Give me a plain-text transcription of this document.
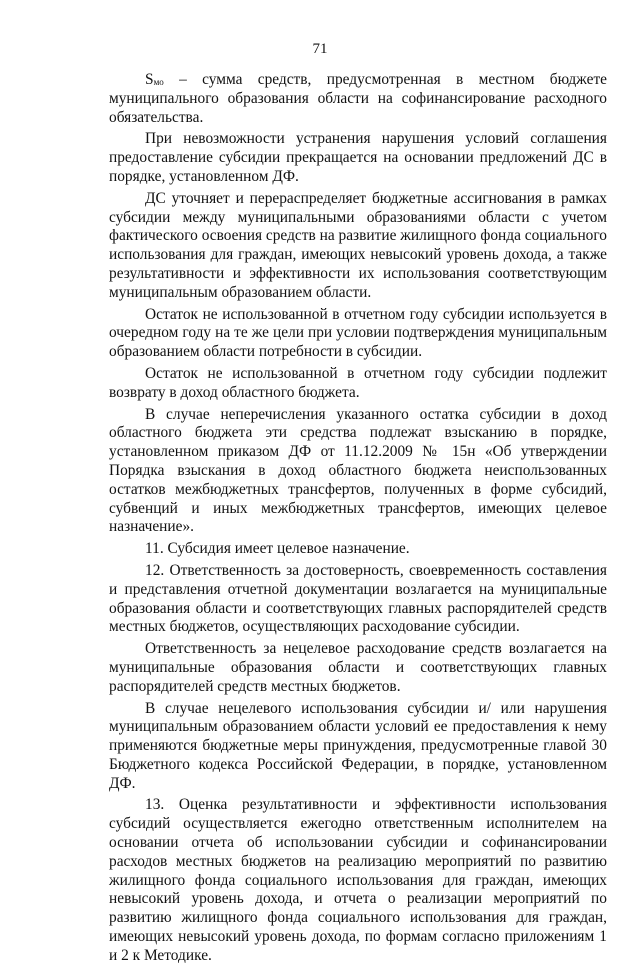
71

$S_{мо}$ – сумма средств, предусмотренная в местном бюджете муниципального образования области на софинансирование расходного обязательства.

При невозможности устранения нарушения условий соглашения предоставление субсидии прекращается на основании предложений ДС в порядке, установленном ДФ.

ДС уточняет и перераспределяет бюджетные ассигнования в рамках субсидии между муниципальными образованиями области с учетом фактического освоения средств на развитие жилищного фонда социального использования для граждан, имеющих невысокий уровень дохода, а также результативности и эффективности их использования соответствующим муниципальным образованием области.

Остаток не использованной в отчетном году субсидии используется в очередном году на те же цели при условии подтверждения муниципальным образованием области потребности в субсидии.

Остаток не использованной в отчетном году субсидии подлежит возврату в доход областного бюджета.

В случае неперечисления указанного остатка субсидии в доход областного бюджета эти средства подлежат взысканию в порядке, установленном приказом ДФ от 11.12.2009 № 15н «Об утверждении Порядка взыскания в доход областного бюджета неиспользованных остатков межбюджетных трансфертов, полученных в форме субсидий, субвенций и иных межбюджетных трансфертов, имеющих целевое назначение».

11. Субсидия имеет целевое назначение.

12. Ответственность за достоверность, своевременность составления и представления отчетной документации возлагается на муниципальные образования области и соответствующих главных распорядителей средств местных бюджетов, осуществляющих расходование субсидии.

Ответственность за нецелевое расходование средств возлагается на муниципальные образования области и соответствующих главных распорядителей средств местных бюджетов.

В случае нецелевого использования субсидии и/ или нарушения муниципальным образованием области условий ее предоставления к нему применяются бюджетные меры принуждения, предусмотренные главой 30 Бюджетного кодекса Российской Федерации, в порядке, установленном ДФ.

13. Оценка результативности и эффективности использования субсидий осуществляется ежегодно ответственным исполнителем на основании отчета об использовании субсидии и софинансировании расходов местных бюджетов на реализацию мероприятий по развитию жилищного фонда социального использования для граждан, имеющих невысокий уровень дохода, и отчета о реализации мероприятий по развитию жилищного фонда социального использования для граждан, имеющих невысокий уровень дохода, по формам согласно приложениям 1 и 2 к Методике.
